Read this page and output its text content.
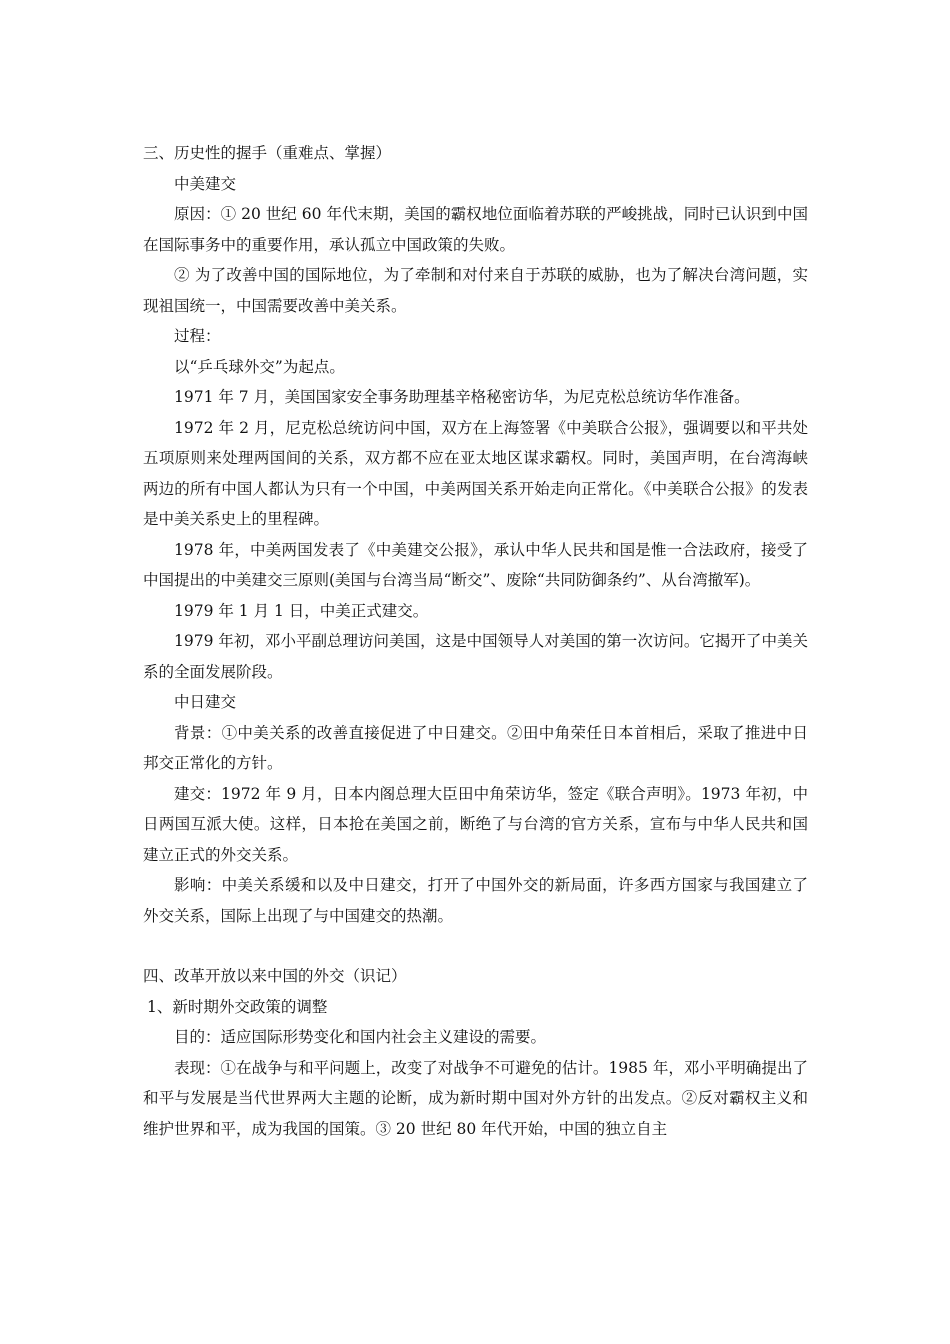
三、历史性的握手（重难点、掌握）

中美建交

原因：① 20 世纪 60 年代末期，美国的霸权地位面临着苏联的严峻挑战，同时已认识到中国在国际事务中的重要作用，承认孤立中国政策的失败。

② 为了改善中国的国际地位，为了牵制和对付来自于苏联的威胁，也为了解决台湾问题，实现祖国统一，中国需要改善中美关系。

过程：

以“乒乓球外交”为起点。

1971 年 7 月，美国国家安全事务助理基辛格秘密访华，为尼克松总统访华作准备。

1972 年 2 月，尼克松总统访问中国，双方在上海签署《中美联合公报》，强调要以和平共处五项原则来处理两国间的关系，双方都不应在亚太地区谋求霸权。同时，美国声明，在台湾海峡两边的所有中国人都认为只有一个中国，中美两国关系开始走向正常化。《中美联合公报》的发表是中美关系史上的里程碑。

1978 年，中美两国发表了《中美建交公报》，承认中华人民共和国是惟一合法政府，接受了中国提出的中美建交三原则(美国与台湾当局“断交”、废除“共同防御条约”、从台湾撤军)。

1979 年 1 月 1 日，中美正式建交。

1979 年初，邓小平副总理访问美国，这是中国领导人对美国的第一次访问。它揭开了中美关系的全面发展阶段。

中日建交

背景：①中美关系的改善直接促进了中日建交。②田中角荣任日本首相后，采取了推进中日邦交正常化的方针。

建交：1972 年 9 月，日本内阁总理大臣田中角荣访华，签定《联合声明》。1973 年初，中日两国互派大使。这样，日本抢在美国之前，断绝了与台湾的官方关系，宣布与中华人民共和国建立正式的外交关系。

影响：中美关系缓和以及中日建交，打开了中国外交的新局面，许多西方国家与我国建立了外交关系，国际上出现了与中国建交的热潮。

四、改革开放以来中国的外交（识记）

1、新时期外交政策的调整

目的：适应国际形势变化和国内社会主义建设的需要。

表现：①在战争与和平问题上，改变了对战争不可避免的估计。1985 年，邓小平明确提出了和平与发展是当代世界两大主题的论断，成为新时期中国对外方针的出发点。②反对霸权主义和维护世界和平，成为我国的国策。③ 20 世纪 80 年代开始，中国的独立自主
